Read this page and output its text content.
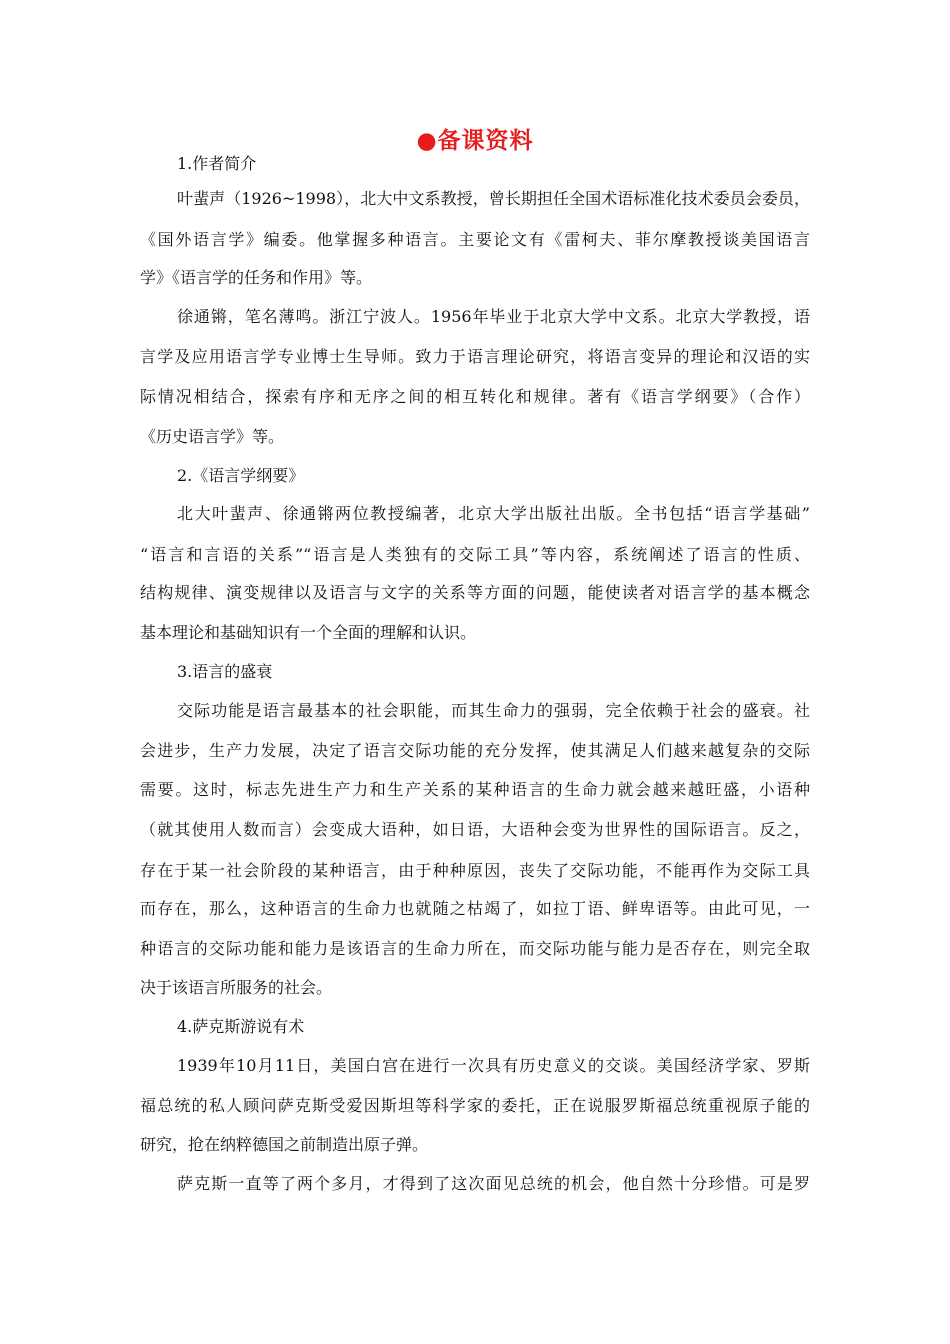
●备课资料
1.作者简介
叶蜚声（1926~1998），北大中文系教授，曾长期担任全国术语标准化技术委员会委员，
《国外语言学》编委。他掌握多种语言。主要论文有《雷柯夫、菲尔摩教授谈美国语言
学》《语言学的任务和作用》等。
徐通锵，笔名薄鸣。浙江宁波人。1956年毕业于北京大学中文系。北京大学教授，语
言学及应用语言学专业博士生导师。致力于语言理论研究，将语言变异的理论和汉语的实
际情况相结合，探索有序和无序之间的相互转化和规律。著有《语言学纲要》（合作）
《历史语言学》等。
2.《语言学纲要》
北大叶蜚声、徐通锵两位教授编著，北京大学出版社出版。全书包括“语言学基础”
“语言和言语的关系”“语言是人类独有的交际工具”等内容，系统阐述了语言的性质、
结构规律、演变规律以及语言与文字的关系等方面的问题，能使读者对语言学的基本概念
基本理论和基础知识有一个全面的理解和认识。
3.语言的盛衰
交际功能是语言最基本的社会职能，而其生命力的强弱，完全依赖于社会的盛衰。社
会进步，生产力发展，决定了语言交际功能的充分发挥，使其满足人们越来越复杂的交际
需要。这时，标志先进生产力和生产关系的某种语言的生命力就会越来越旺盛，小语种
（就其使用人数而言）会变成大语种，如日语，大语种会变为世界性的国际语言。反之，
存在于某一社会阶段的某种语言，由于种种原因，丧失了交际功能，不能再作为交际工具
而存在，那么，这种语言的生命力也就随之枯竭了，如拉丁语、鲜卑语等。由此可见，一
种语言的交际功能和能力是该语言的生命力所在，而交际功能与能力是否存在，则完全取
决于该语言所服务的社会。
4.萨克斯游说有术
1939年10月11日，美国白宫在进行一次具有历史意义的交谈。美国经济学家、罗斯
福总统的私人顾问萨克斯受爱因斯坦等科学家的委托，正在说服罗斯福总统重视原子能的
研究，抢在纳粹德国之前制造出原子弹。
萨克斯一直等了两个多月，才得到了这次面见总统的机会，他自然十分珍惜。可是罗
